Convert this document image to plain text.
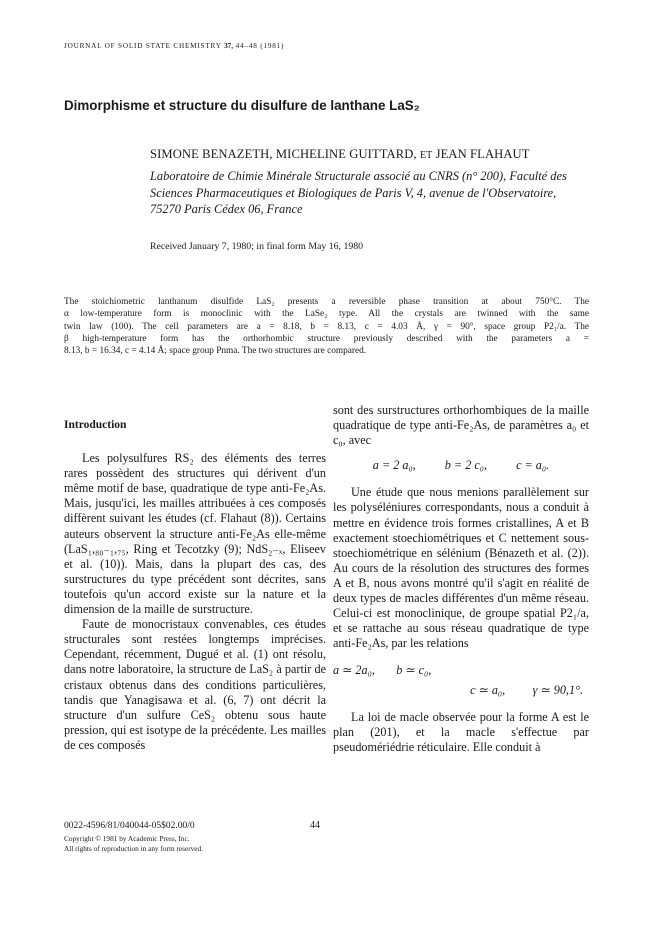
JOURNAL OF SOLID STATE CHEMISTRY 37, 44–48 (1981)
Dimorphisme et structure du disulfure de lanthane LaS₂
SIMONE BENAZETH, MICHELINE GUITTARD, ET JEAN FLAHAUT
Laboratoire de Chimie Minérale Structurale associé au CNRS (n° 200), Faculté des Sciences Pharmaceutiques et Biologiques de Paris V, 4, avenue de l'Observatoire, 75270 Paris Cédex 06, France
Received January 7, 1980; in final form May 16, 1980
The stoichiometric lanthanum disulfide LaS₂ presents a reversible phase transition at about 750°C. The
α low-temperature form is monoclinic with the LaSe₂ type. All the crystals are twinned with the same
twin law (100). The cell parameters are a = 8.18, b = 8.13, c = 4.03 Å, γ = 90°, space group P2₁/a. The
β high-temperature form has the orthorhombic structure previously described with the parameters a =
8.13, b = 16.34, c = 4.14 Å; space group Pnma. The two structures are compared.
Introduction

Les polysulfures RS₂ des éléments des terres rares possèdent des structures qui dérivent d'un même motif de base, quadratique de type anti-Fe₂As. Mais, jusqu'ici, les mailles attribuées à ces composés diffèrent suivant les études (cf. Flahaut (8)). Certains auteurs observent la structure anti-Fe₂As elle-même (LaS₁,₈₀₋₁,₇₅, Ring et Tecotzky (9); NdS₂₋ₓ, Eliseev et al. (10)). Mais, dans la plupart des cas, des surstructures du type précédent sont décrites, sans toutefois qu'un accord existe sur la nature et la dimension de la maille de surstructure.

Faute de monocristaux convenables, ces études structurales sont restées longtemps imprécises. Cependant, récemment, Dugué et al. (1) ont résolu, dans notre laboratoire, la structure de LaS₂ à partir de cristaux obtenus dans des conditions particulières, tandis que Yanagisawa et al. (6, 7) ont décrit la structure d'un sulfure CeS₂ obtenu sous haute pression, qui est isotype de la précédente. Les mailles de ces composés

sont des surstructures orthorhombiques de la maille quadratique de type anti-Fe₂As, de paramètres a₀ et c₀, avec

a = 2 a₀, b = 2 c₀, c = a₀.

Une étude que nous menions parallèlement sur les polyséléniures correspondants, nous a conduit à mettre en évidence trois formes cristallines, A et B exactement stoechiométriques et C nettement sous-stoechiométrique en sélénium (Bénazeth et al. (2)). Au cours de la résolution des structures des formes A et B, nous avons montré qu'il s'agit en réalité de deux types de macles différentes d'un même réseau. Celui-ci est monoclinique, de groupe spatial P2₁/a, et se rattache au sous réseau quadratique de type anti-Fe₂As, par les relations

a ≃ 2a₀, b ≃ c₀,
c ≃ a₀, γ ≃ 90,1°.

La loi de macle observée pour la forme A est le plan (201), et la macle s'effectue par pseudomériédrie réticulaire. Elle conduit à

0022-4596/81/040044-05$02.00/0
Copyright © 1981 by Academic Press, Inc.
All rights of reproduction in any form reserved.
44
